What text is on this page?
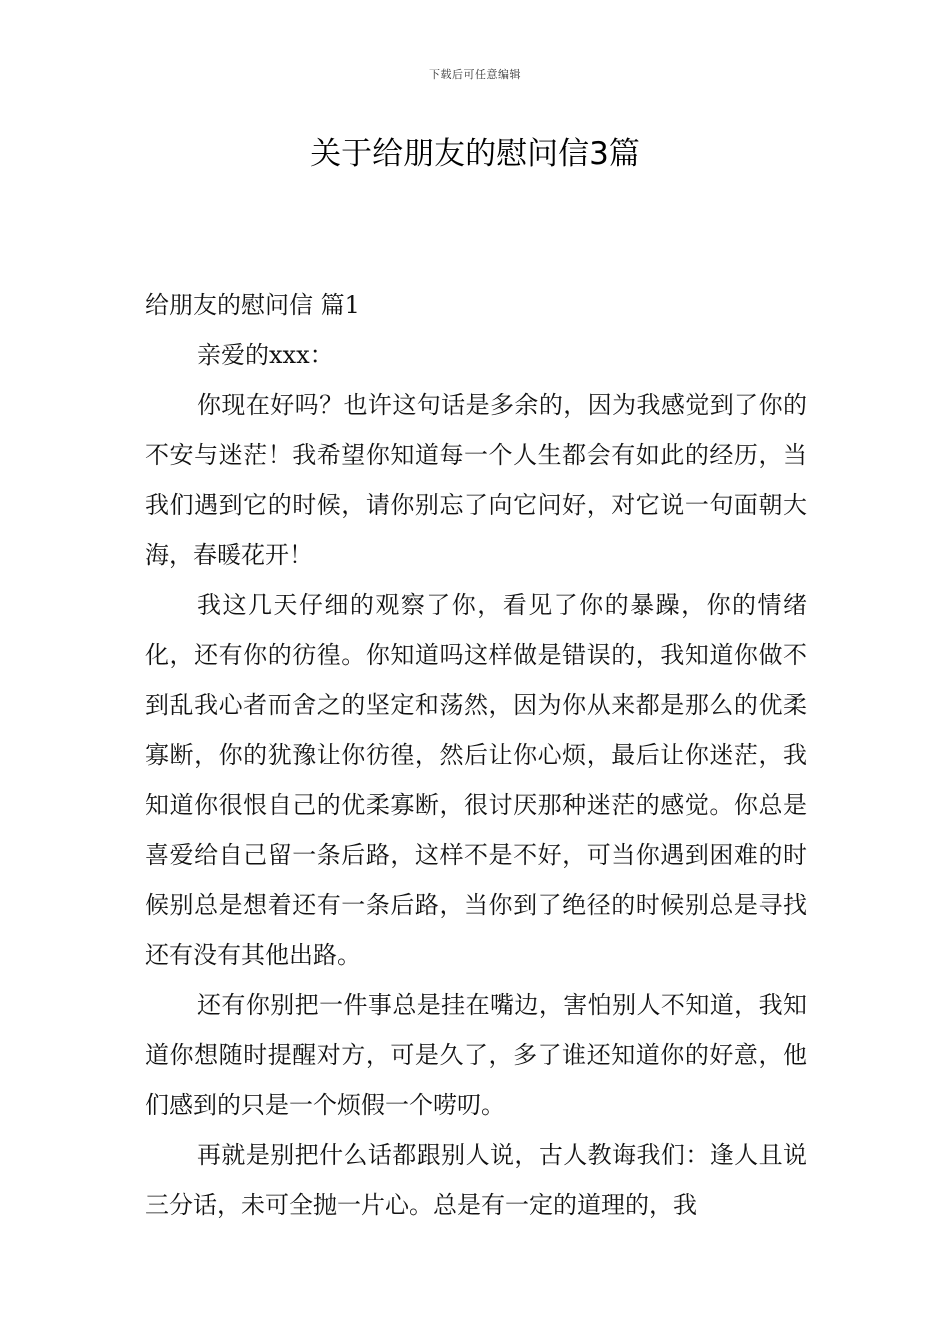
下载后可任意编辑
关于给朋友的慰问信3篇
给朋友的慰问信 篇1

亲爱的xxx：

你现在好吗？也许这句话是多余的，因为我感觉到了你的不安与迷茫！我希望你知道每一个人生都会有如此的经历，当我们遇到它的时候，请你别忘了向它问好，对它说一句面朝大海，春暖花开！

我这几天仔细的观察了你，看见了你的暴躁，你的情绪化，还有你的彷徨。你知道吗这样做是错误的，我知道你做不到乱我心者而舍之的坚定和荡然，因为你从来都是那么的优柔寡断，你的犹豫让你彷徨，然后让你心烦，最后让你迷茫，我知道你很恨自己的优柔寡断，很讨厌那种迷茫的感觉。你总是喜爱给自己留一条后路，这样不是不好，可当你遇到困难的时候别总是想着还有一条后路，当你到了绝径的时候别总是寻找还有没有其他出路。

还有你别把一件事总是挂在嘴边，害怕别人不知道，我知道你想随时提醒对方，可是久了，多了谁还知道你的好意，他们感到的只是一个烦假一个唠叨。

再就是别把什么话都跟别人说，古人教诲我们：逢人且说三分话，未可全抛一片心。总是有一定的道理的，我
